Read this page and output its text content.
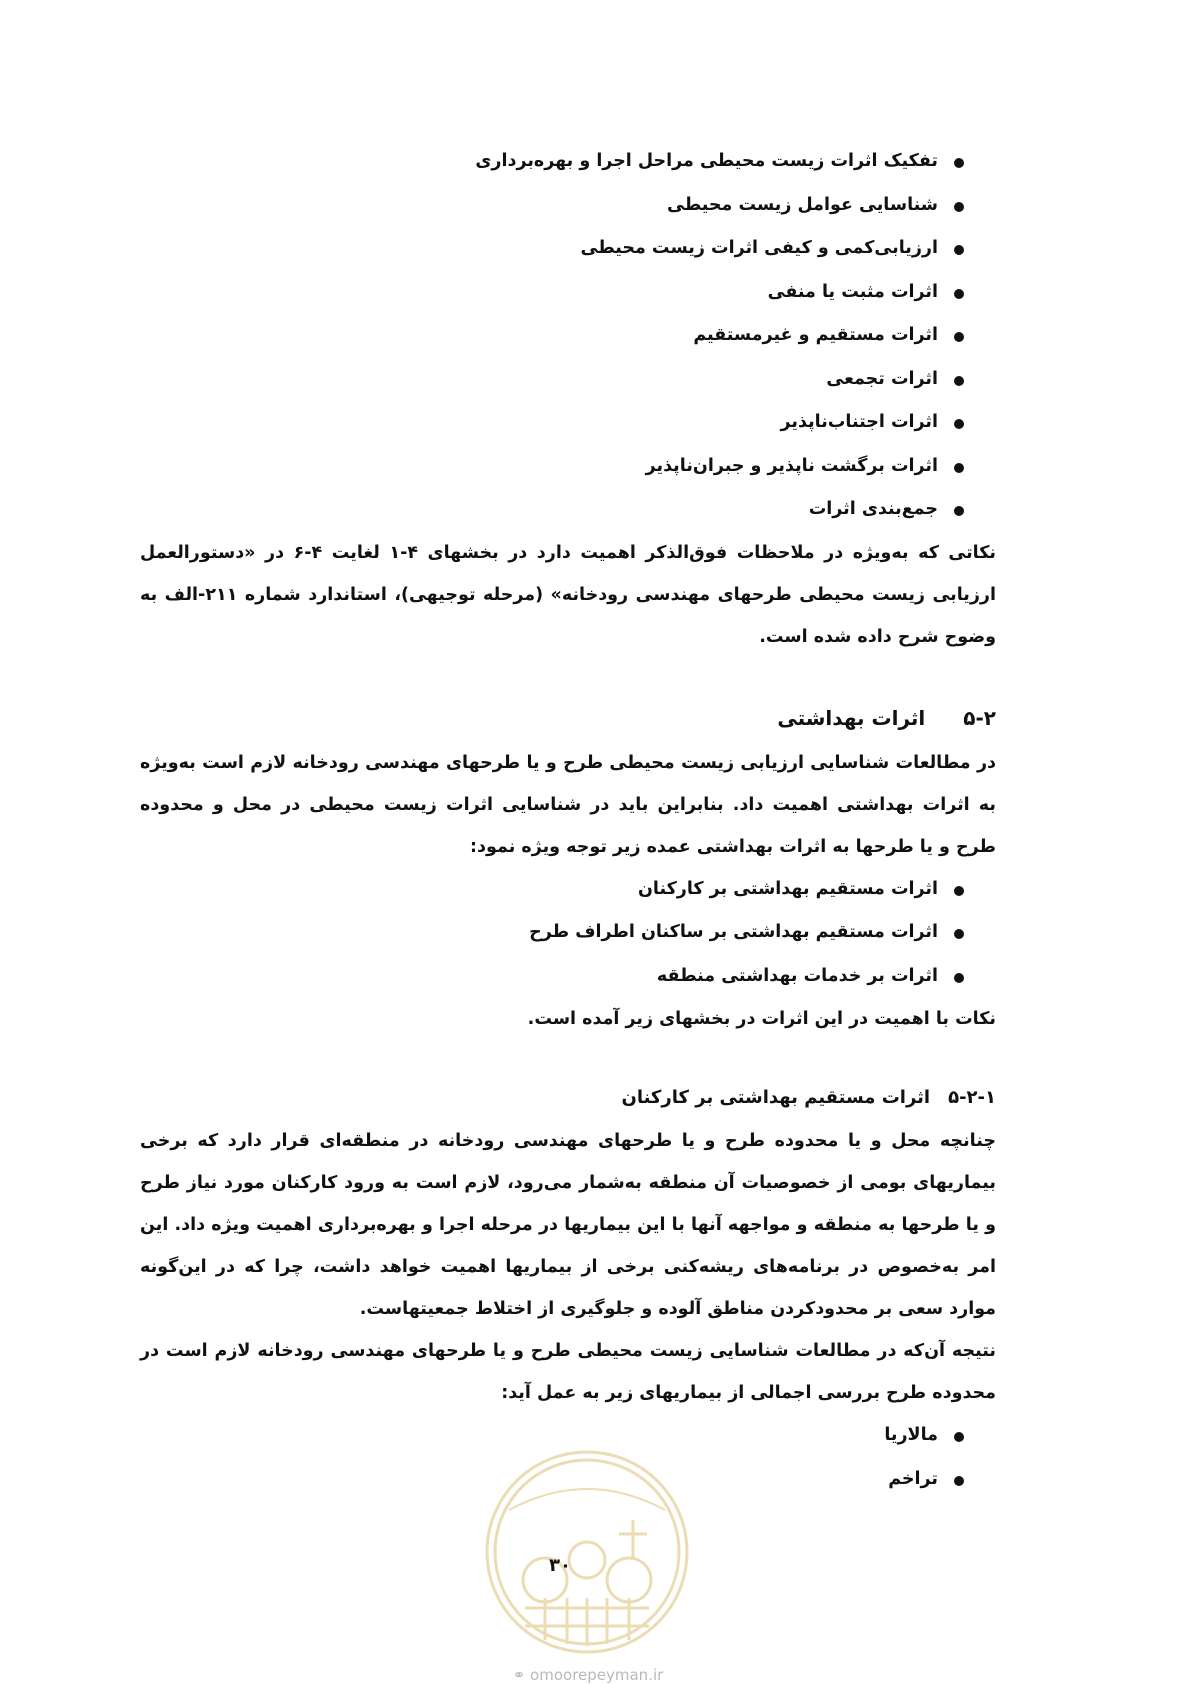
تفکیک اثرات زیست محیطی مراحل اجرا و بهره‌برداری
شناسایی عوامل زیست محیطی
ارزیابی‌کمی و کیفی اثرات زیست محیطی
اثرات مثبت یا منفی
اثرات مستقیم و غیرمستقیم
اثرات تجمعی
اثرات اجتناب‌ناپذیر
اثرات برگشت ناپذیر و جبران‌ناپذیر
جمع‌بندی اثرات

نکاتی که به‌ویژه در ملاحظات فوق‌الذکر اهمیت دارد در بخشهای ۴-۱ لغایت ۴-۶ در «دستورالعمل ارزیابی زیست محیطی طرحهای مهندسی رودخانه» (مرحله توجیهی)، استاندارد شماره ۲۱۱-الف به وضوح شرح داده شده است.

۵-۲اثرات بهداشتی

در مطالعات شناسایی ارزیابی زیست محیطی طرح و یا طرحهای مهندسی رودخانه لازم است به‌ویژه به اثرات بهداشتی اهمیت داد. بنابراین باید در شناسایی اثرات زیست محیطی در محل و محدوده طرح و یا طرحها به اثرات بهداشتی عمده زیر توجه ویژه نمود:

اثرات مستقیم بهداشتی بر کارکنان
اثرات مستقیم بهداشتی بر ساکنان اطراف طرح
اثرات بر خدمات بهداشتی منطقه

نکات با اهمیت در این اثرات در بخشهای زیر آمده است.

۵-۲-۱اثرات مستقیم بهداشتی بر کارکنان

چنانچه محل و یا محدوده طرح و یا طرحهای مهندسی رودخانه در منطقه‌ای قرار دارد که برخی بیماریهای بومی از خصوصیات آن منطقه به‌شمار می‌رود، لازم است به ورود کارکنان مورد نیاز طرح و یا طرحها به منطقه و مواجهه آنها با این بیماریها در مرحله اجرا و بهره‌برداری اهمیت ویژه داد. این امر به‌خصوص در برنامه‌های ریشه‌کنی برخی از بیماریها اهمیت خواهد داشت، چرا که در این‌گونه موارد سعی بر محدودکردن مناطق آلوده و جلوگیری از اختلاط جمعیتهاست.

نتیجه آن‌که در مطالعات شناسایی زیست محیطی طرح و یا طرحهای مهندسی رودخانه لازم است در محدوده طرح بررسی اجمالی از بیماریهای زیر به عمل آید:

مالاریا
تراخم
۳۰
⚭ omoorepeyman.ir
